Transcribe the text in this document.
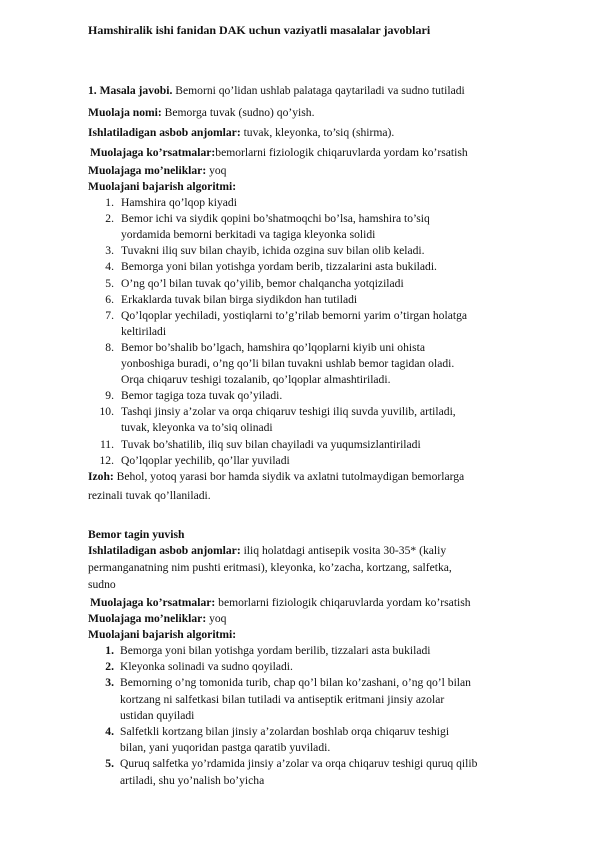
Hamshiralik ishi fanidan DAK uchun vaziyatli masalalar javoblari
1. Masala javobi. Bemorni qo’lidan ushlab palataga qaytariladi va sudno tutiladi
Muolaja nomi: Bemorga tuvak (sudno) qo’yish.
Ishlatiladigan asbob anjomlar: tuvak, kleyonka, to’siq (shirma).
Muolajaga ko’rsatmalar:bemorlarni fiziologik chiqaruvlarda yordam ko’rsatish
Muolajaga mo’neliklar: yoq
Muolajani bajarish algoritmi:
1. Hamshira qo’lqop kiyadi
2. Bemor ichi va siydik qopini bo’shatmoqchi bo’lsa, hamshira to’siq
yordamida bemorni berkitadi va tagiga kleyonka solidi
3. Tuvakni iliq suv bilan chayib, ichida ozgina suv bilan olib keladi.
4. Bemorga yoni bilan yotishga yordam berib, tizzalarini asta bukiladi.
5. O’ng qo’l bilan tuvak qo’yilib, bemor chalqancha yotqiziladi
6. Erkaklarda tuvak bilan birga siydikdon han tutiladi
7. Qo’lqoplar yechiladi, yostiqlarni to’g’rilab bemorni yarim o’tirgan holatga
keltiriladi
8. Bemor bo’shalib bo’lgach, hamshira qo’lqoplarni kiyib uni ohista
yonboshiga buradi, o’ng qo’li bilan tuvakni ushlab bemor tagidan oladi.
Orqa chiqaruv teshigi tozalanib, qo’lqoplar almashtiriladi.
9. Bemor tagiga toza tuvak qo’yiladi.
10. Tashqi jinsiy a’zolar va orqa chiqaruv teshigi iliq suvda yuvilib, artiladi,
tuvak, kleyonka va to’siq olinadi
11. Tuvak bo’shatilib, iliq suv bilan chayiladi va yuqumsizlantiriladi
12. Qo’lqoplar yechilib, qo’llar yuviladi
Izoh: Behol, yotoq yarasi bor hamda siydik va axlatni tutolmaydigan bemorlarga
rezinali tuvak qo’llaniladi.
Bemor tagin yuvish
Ishlatiladigan asbob anjomlar: iliq holatdagi antisepik vosita 30-35* (kaliy
permanganatning nim pushti eritmasi), kleyonka, ko’zacha, kortzang, salfetka,
sudno
Muolajaga ko’rsatmalar: bemorlarni fiziologik chiqaruvlarda yordam ko’rsatish
Muolajaga mo’neliklar: yoq
Muolajani bajarish algoritmi:
1. Bemorga yoni bilan yotishga yordam berilib, tizzalari asta bukiladi
2. Kleyonka solinadi va sudno qoyiladi.
3. Bemorning o’ng tomonida turib, chap qo’l bilan ko’zashani, o’ng qo’l bilan
kortzang ni salfetkasi bilan tutiladi va antiseptik eritmani jinsiy azolar
ustidan quyiladi
4. Salfetkli kortzang bilan jinsiy a’zolardan boshlab orqa chiqaruv teshigi
bilan, yani yuqoridan pastga qaratib yuviladi.
5. Quruq salfetka yo’rdamida jinsiy a’zolar va orqa chiqaruv teshigi quruq qilib
artiladi, shu yo’nalish bo’yicha
